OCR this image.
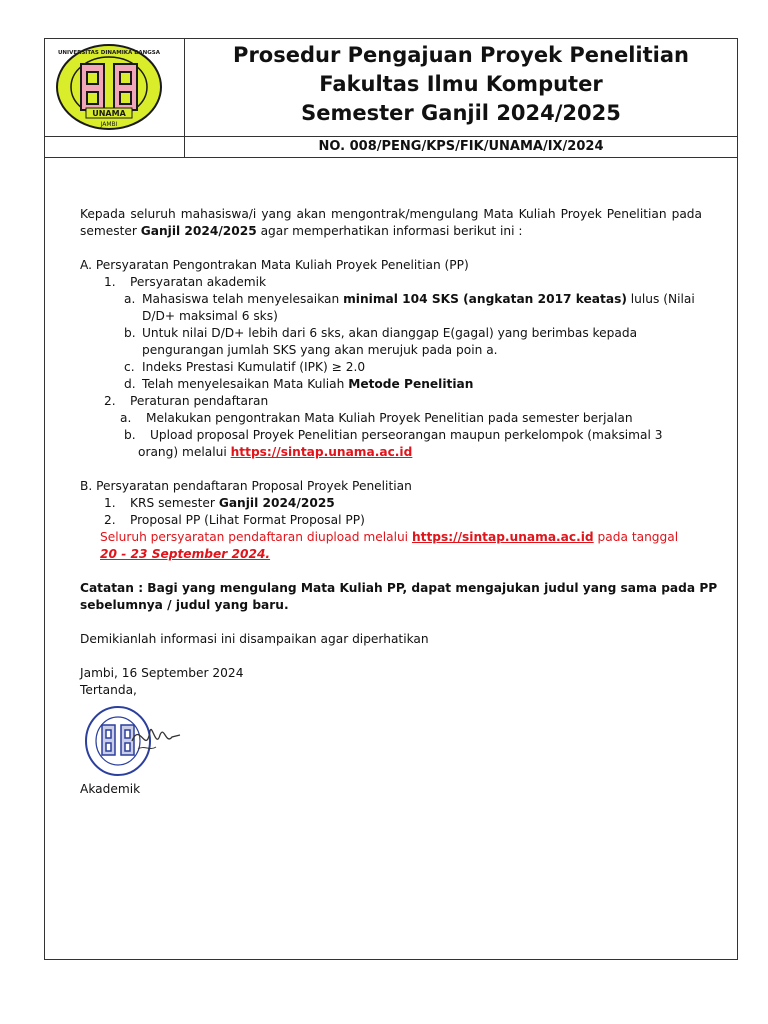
UNAMA
JAMBI
UNIVERSITAS DINAMIKA BANGSA	Prosedur Pengajuan Proyek Penelitian
Fakultas Ilmu Komputer
Semester Ganjil 2024/2025
NO. 008/PENG/KPS/FIK/UNAMA/IX/2024

Kepada seluruh mahasiswa/i yang akan mengontrak/mengulang Mata Kuliah Proyek Penelitian pada semester Ganjil 2024/2025 agar memperhatikan informasi berikut ini :

A. Persyaratan Pengontrakan Mata Kuliah Proyek Penelitian (PP)
1. Persyaratan akademik
a. Mahasiswa telah menyelesaikan minimal 104 SKS (angkatan 2017 keatas) lulus (Nilai
D/D+ maksimal 6 sks)
b. Untuk nilai D/D+ lebih dari 6 sks, akan dianggap E(gagal) yang berimbas kepada
pengurangan jumlah SKS yang akan merujuk pada poin a.
c. Indeks Prestasi Kumulatif (IPK) ≥ 2.0
d. Telah menyelesaikan Mata Kuliah Metode Penelitian
2. Peraturan pendaftaran
a. Melakukan pengontrakan Mata Kuliah Proyek Penelitian pada semester berjalan
b. Upload proposal Proyek Penelitian perseorangan maupun perkelompok (maksimal 3
orang) melalui https://sintap.unama.ac.id
B. Persyaratan pendaftaran Proposal Proyek Penelitian
1. KRS semester Ganjil 2024/2025
2. Proposal PP (Lihat Format Proposal PP)
Seluruh persyaratan pendaftaran diupload melalui https://sintap.unama.ac.id pada tanggal
20 - 23 September 2024.
Catatan : Bagi yang mengulang Mata Kuliah PP, dapat mengajukan judul yang sama pada PP
sebelumnya / judul yang baru.
Demikianlah informasi ini disampaikan agar diperhatikan
Jambi, 16 September 2024
Tertanda,
Akademik
